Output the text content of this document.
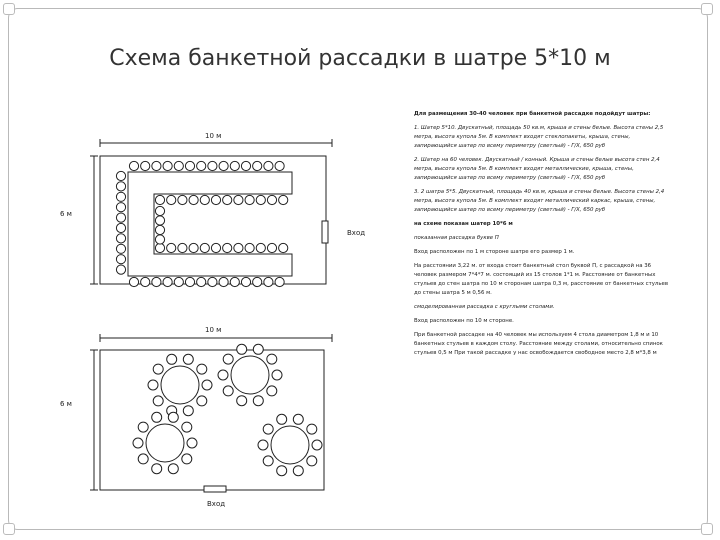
Схема банкетной рассадки в шатре 5*10 м
10 м
6 м
Вход
10 м
6 м
Вход

Для размещения 30-40 человек при банкетной рассадке подойдут шатры:

1. Шатер 5*10. Двускатный, площадь 50 кв.м, крыша и стены белые. Высота стены 2,5 метра, высота купола 5м. В комплект входят стеклопакеты, крыша, стены, запирающийся шатер по всему периметру (светлый) - Г/Х, 650 руб

2. Шатер на 60 человек. Двускатный / конный. Крыша и стены белые высота стен 2,4 метра, высота купола 5м. В комплект входят металлические, крыша, стены, запирающийся шатер по всему периметру (светлый) - Г/Х, 650 руб

3. 2 шатра 5*5. Двускатный, площадь 40 кв.м, крыша и стены белые. Высота стены 2,4 метра, высота купола 5м. В комплект входят металлический каркас, крыша, стены, запирающийся шатер по всему периметру (светлый) - Г/Х, 650 руб

на схеме показан шатер 10*6 м

показанная рассадка букве П

Вход расположен по 1 м стороне шатре его размер 1 м.

На расстоянии 3,22 м. от входа стоит банкетный стол буквой П, с рассадкой на 36 человек размером 7*4*7 м. состоящий из 15 столов 1*1 м. Расстояние от банкетных стульев до стен шатра по 10 м сторонам шатра 0,3 м, расстояние от банкетных стульев до стены шатра 5 м 0,56 м.

смоделированная рассадка с круглыми столами.

Вход расположен по 10 м стороне.

При банкетной рассадке на 40 человек мы используем 4 стола диаметром 1,8 м и 10 банкетных стульев в каждом столу. Расстояние между столами, относительно спинок стульев 0,5 м При такой рассадке у нас освобождается свободное место 2,8 м*3,8 м
